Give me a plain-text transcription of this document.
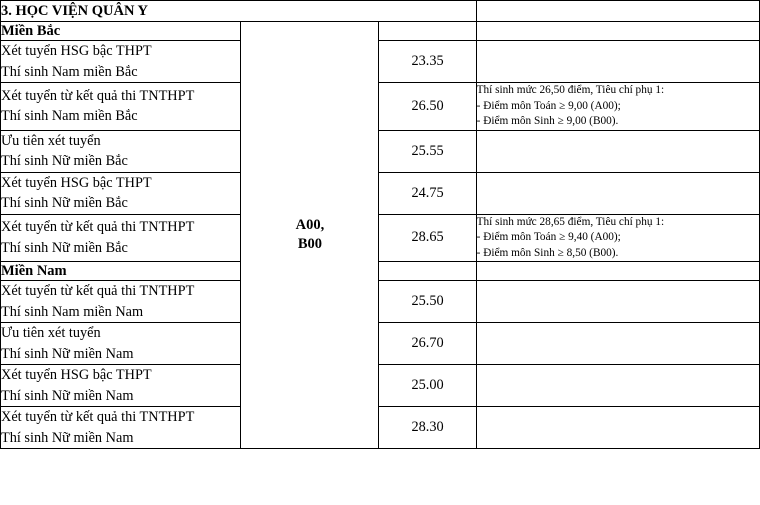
3. HỌC VIỆN QUÂN Y			
Miền Bắc	A00,
B00		

Xét tuyển HSG bậc THPT
Thí sinh Nam miền Bắc		23.35	

Xét tuyển từ kết quả thi TNTHPT
Thí sinh Nam miền Bắc		26.50	Thí sinh mức 26,50 điểm, Tiêu chí phụ 1:
- Điểm môn Toán ≥ 9,00 (A00);
- Điểm môn Sinh ≥ 9,00 (B00).

Ưu tiên xét tuyển
Thí sinh Nữ miền Bắc		25.55	

Xét tuyển HSG bậc THPT
Thí sinh Nữ miền Bắc		24.75	

Xét tuyển từ kết quả thi TNTHPT
Thí sinh Nữ miền Bắc		28.65	Thí sinh mức 28,65 điểm, Tiêu chí phụ 1:
- Điểm môn Toán ≥ 9,40 (A00);
- Điểm môn Sinh ≥ 8,50 (B00).

Miền Nam			

Xét tuyển từ kết quả thi TNTHPT
Thí sinh Nam miền Nam		25.50	

Ưu tiên xét tuyển
Thí sinh Nữ miền Nam		26.70	

Xét tuyển HSG bậc THPT
Thí sinh Nữ miền Nam		25.00	

Xét tuyển từ kết quả thi TNTHPT
Thí sinh Nữ miền Nam		28.30	
